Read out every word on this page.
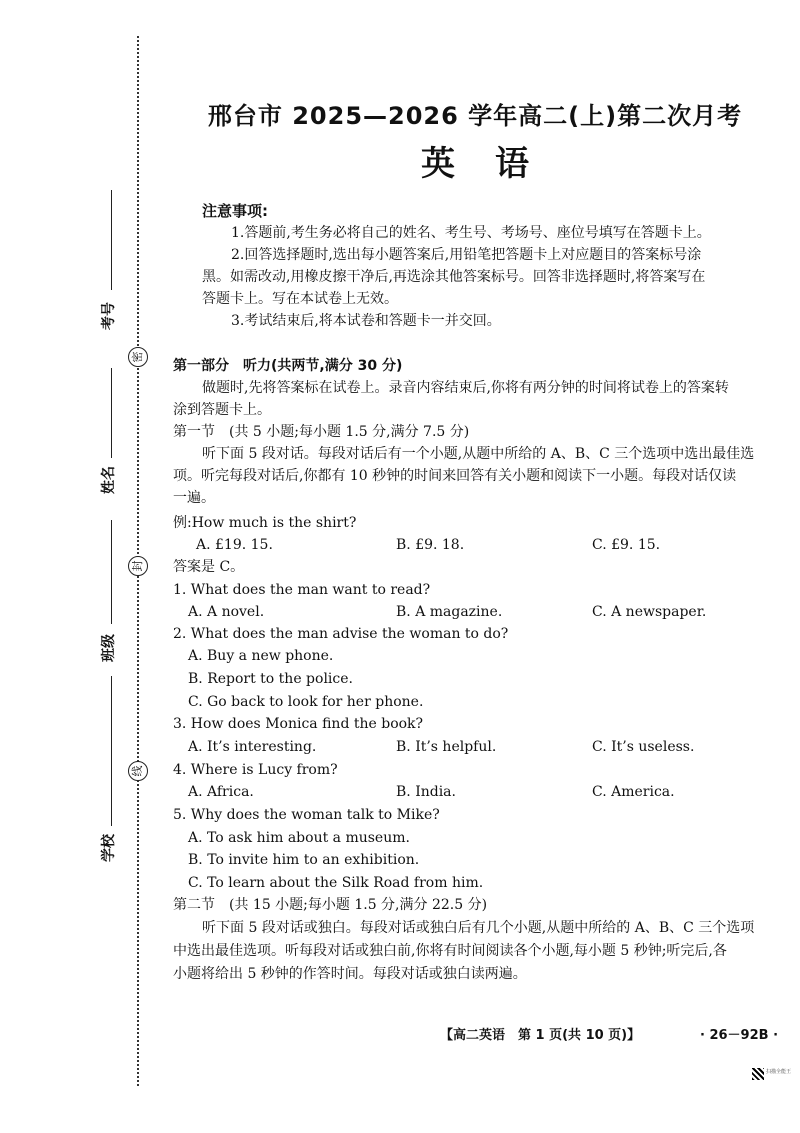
密
封
线
考号
姓名
班级
学校
邢台市 2025—2026 学年高二(上)第二次月考
英语
注意事项:
1.答题前,考生务必将自己的姓名、考生号、考场号、座位号填写在答题卡上。
2.回答选择题时,选出每小题答案后,用铅笔把答题卡上对应题目的答案标号涂
黑。如需改动,用橡皮擦干净后,再选涂其他答案标号。回答非选择题时,将答案写在
答题卡上。写在本试卷上无效。
3.考试结束后,将本试卷和答题卡一并交回。
第一部分　听力(共两节,满分 30 分)
做题时,先将答案标在试卷上。录音内容结束后,你将有两分钟的时间将试卷上的答案转
涂到答题卡上。
第一节　(共 5 小题;每小题 1.5 分,满分 7.5 分)
听下面 5 段对话。每段对话后有一个小题,从题中所给的 A、B、C 三个选项中选出最佳选
项。听完每段对话后,你都有 10 秒钟的时间来回答有关小题和阅读下一小题。每段对话仅读
一遍。
例:How much is the shirt?
A. £19. 15.	B. £9. 18.	C. £9. 15.
答案是 C。
1. What does the man want to read?
A. A novel.	B. A magazine.	C. A newspaper.
2. What does the man advise the woman to do?
A. Buy a new phone.
B. Report to the police.
C. Go back to look for her phone.
3. How does Monica find the book?
A. It’s interesting.	B. It’s helpful.	C. It’s useless.
4. Where is Lucy from?
A. Africa.	B. India.	C. America.
5. Why does the woman talk to Mike?
A. To ask him about a museum.
B. To invite him to an exhibition.
C. To learn about the Silk Road from him.
第二节　(共 15 小题;每小题 1.5 分,满分 22.5 分)
听下面 5 段对话或独白。每段对话或独白后有几个小题,从题中所给的 A、B、C 三个选项
中选出最佳选项。听每段对话或独白前,你将有时间阅读各个小题,每小题 5 秒钟;听完后,各
小题将给出 5 秒钟的作答时间。每段对话或独白读两遍。
【高二英语　第 1 页(共 10 页)】	· 26－92B ·
扫描全能王
